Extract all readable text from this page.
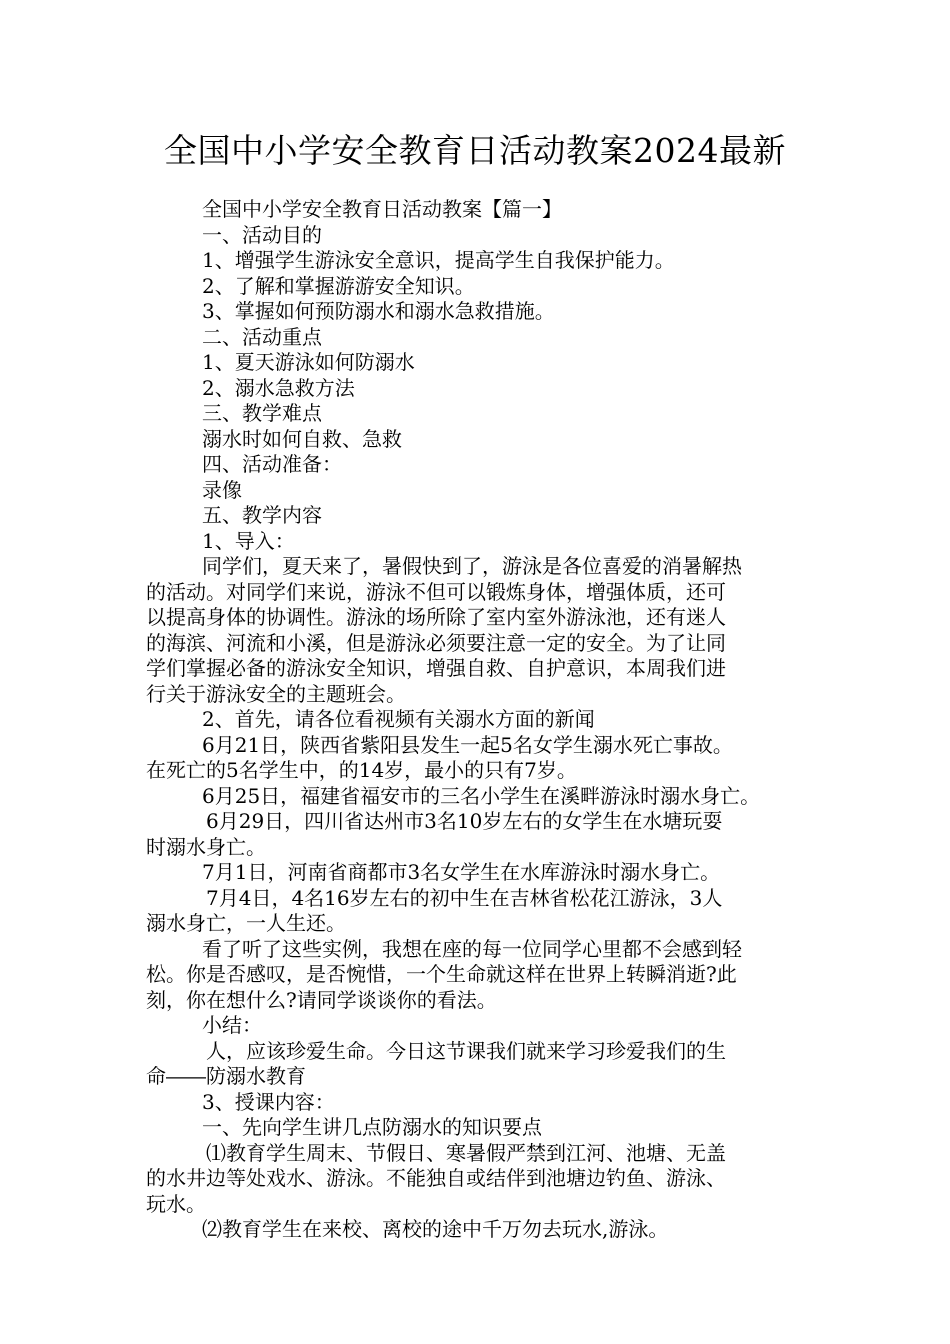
全国中小学安全教育日活动教案2024最新

全国中小学安全教育日活动教案【篇一】

一、活动目的

1、增强学生游泳安全意识，提高学生自我保护能力。

2、了解和掌握游游安全知识。

3、掌握如何预防溺水和溺水急救措施。

二、活动重点

1、夏天游泳如何防溺水

2、溺水急救方法

三、教学难点

溺水时如何自救、急救

四、活动准备：

录像

五、教学内容

1、导入：

同学们，夏天来了，暑假快到了，游泳是各位喜爱的消暑解热

的活动。对同学们来说，游泳不但可以锻炼身体，增强体质，还可

以提高身体的协调性。游泳的场所除了室内室外游泳池，还有迷人

的海滨、河流和小溪，但是游泳必须要注意一定的安全。为了让同

学们掌握必备的游泳安全知识，增强自救、自护意识，本周我们进

行关于游泳安全的主题班会。

2、首先，请各位看视频有关溺水方面的新闻

6月21日，陕西省紫阳县发生一起5名女学生溺水死亡事故。

在死亡的5名学生中，的14岁，最小的只有7岁。

6月25日，福建省福安市的三名小学生在溪畔游泳时溺水身亡。

6月29日，四川省达州市3名10岁左右的女学生在水塘玩耍

时溺水身亡。

7月1日，河南省商都市3名女学生在水库游泳时溺水身亡。

7月4日，4名16岁左右的初中生在吉林省松花江游泳，3人

溺水身亡，一人生还。

看了听了这些实例，我想在座的每一位同学心里都不会感到轻

松。你是否感叹，是否惋惜，一个生命就这样在世界上转瞬消逝?此

刻，你在想什么?请同学谈谈你的看法。

小结：

人，应该珍爱生命。今日这节课我们就来学习珍爱我们的生

命――防溺水教育

3、授课内容：

一、先向学生讲几点防溺水的知识要点

⑴教育学生周末、节假日、寒暑假严禁到江河、池塘、无盖

的水井边等处戏水、游泳。不能独自或结伴到池塘边钓鱼、游泳、

玩水。

⑵教育学生在来校、离校的途中千万勿去玩水,游泳。
